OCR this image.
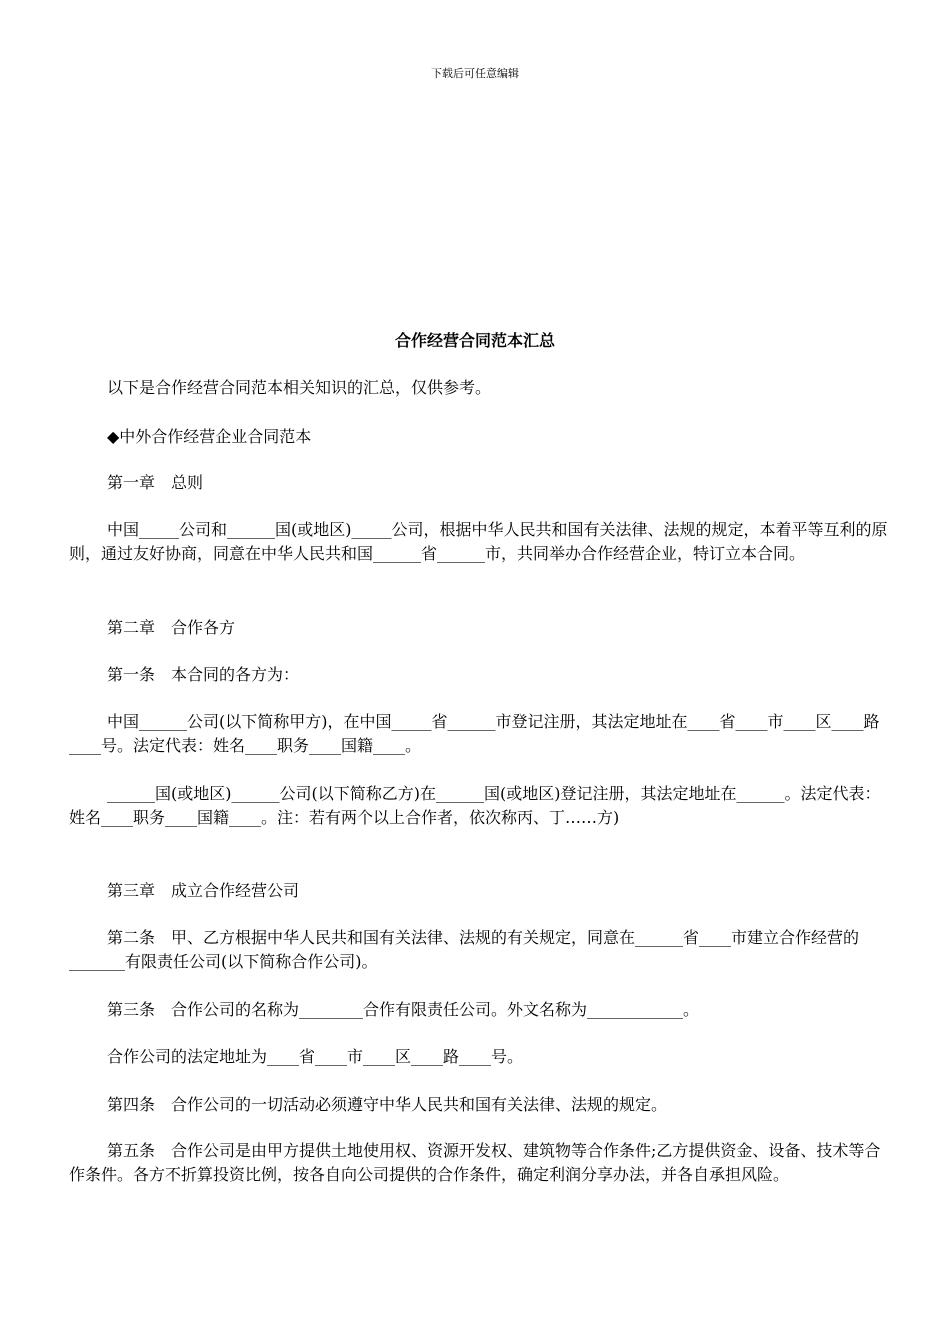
下载后可任意编辑
合作经营合同范本汇总

以下是合作经营合同范本相关知识的汇总，仅供参考。

◆中外合作经营企业合同范本

第一章　总则

中国_____公司和______国(或地区)_____公司，根据中华人民共和国有关法律、法规的规定，本着平等互利的原则，通过友好协商，同意在中华人民共和国______省______市，共同举办合作经营企业，特订立本合同。

第二章　合作各方

第一条　本合同的各方为：

中国______公司(以下简称甲方)，在中国_____省______市登记注册，其法定地址在____省____市____区____路____号。法定代表：姓名____职务____国籍____。

______国(或地区)______公司(以下简称乙方)在______国(或地区)登记注册，其法定地址在______。法定代表：姓名____职务____国籍____。注：若有两个以上合作者，依次称丙、丁……方)

第三章　成立合作经营公司

第二条　甲、乙方根据中华人民共和国有关法律、法规的有关规定，同意在______省____市建立合作经营的_______有限责任公司(以下简称合作公司)。

第三条　合作公司的名称为________合作有限责任公司。外文名称为____________。

合作公司的法定地址为____省____市____区____路____号。

第四条　合作公司的一切活动必须遵守中华人民共和国有关法律、法规的规定。

第五条　合作公司是由甲方提供土地使用权、资源开发权、建筑物等合作条件;乙方提供资金、设备、技术等合作条件。各方不折算投资比例，按各自向公司提供的合作条件，确定利润分享办法，并各自承担风险。
